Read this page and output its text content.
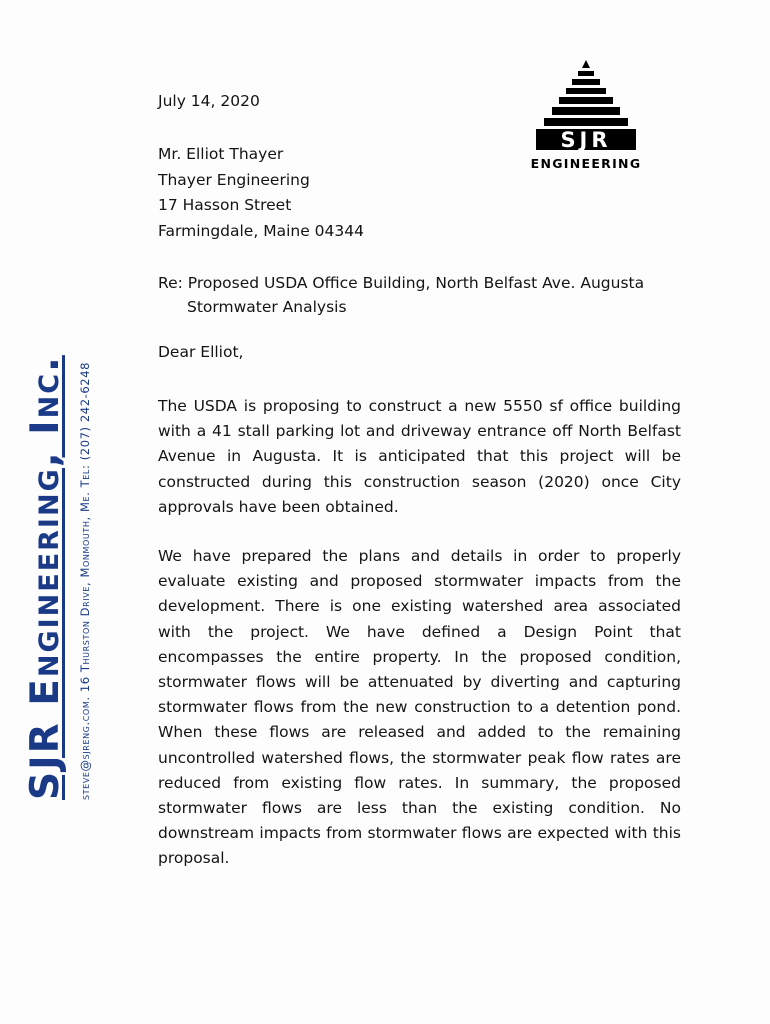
SJR Engineering, Inc. steve@sjreng.com. 16 Thurston Drive, Monmouth, Me. Tel: (207) 242-6248
SJR
ENGINEERING
July 14, 2020
Mr. Elliot Thayer
Thayer Engineering
17 Hasson Street
Farmingdale, Maine 04344
Re: Proposed USDA Office Building, North Belfast Ave. Augusta
Stormwater Analysis
Dear Elliot,
The USDA is proposing to construct a new 5550 sf office building with a 41 stall parking lot and driveway entrance off North Belfast Avenue in Augusta. It is anticipated that this project will be constructed during this construction season (2020) once City approvals have been obtained.
We have prepared the plans and details in order to properly evaluate existing and proposed stormwater impacts from the development. There is one existing watershed area associated with the project. We have defined a Design Point that encompasses the entire property. In the proposed condition, stormwater flows will be attenuated by diverting and capturing stormwater flows from the new construction to a detention pond. When these flows are released and added to the remaining uncontrolled watershed flows, the stormwater peak flow rates are reduced from existing flow rates. In summary, the proposed stormwater flows are less than the existing condition. No downstream impacts from stormwater flows are expected with this proposal.
